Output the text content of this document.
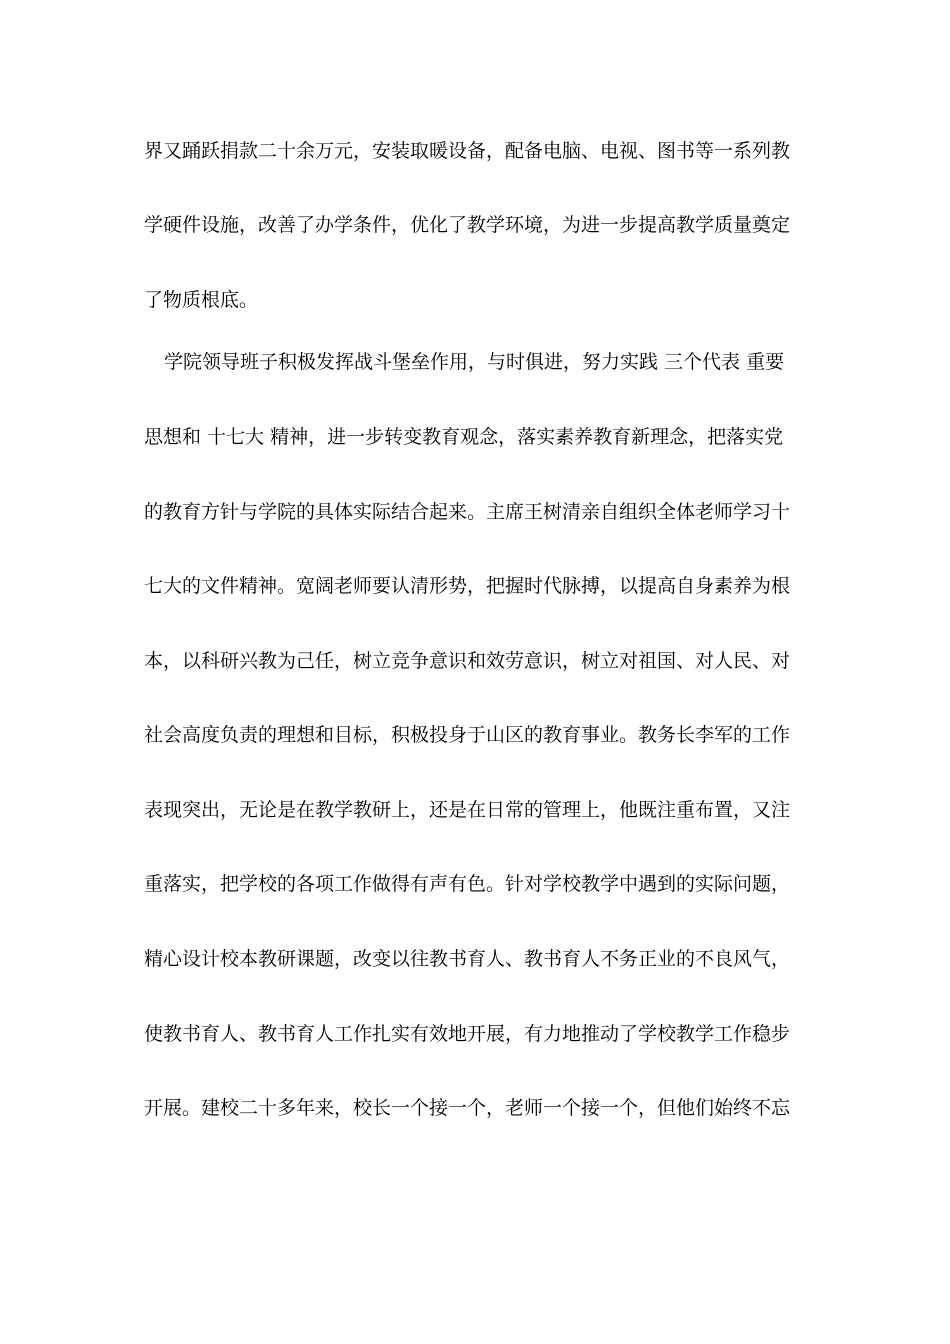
界又踊跃捐款二十余万元，安装取暖设备，配备电脑、电视、图书等一系列教
学硬件设施，改善了办学条件，优化了教学环境，为进一步提高教学质量奠定
了物质根底。
学院领导班子积极发挥战斗堡垒作用，与时俱进，努力实践 三个代表 重要
思想和 十七大 精神，进一步转变教育观念，落实素养教育新理念，把落实党
的教育方针与学院的具体实际结合起来。主席王树清亲自组织全体老师学习十
七大的文件精神。宽阔老师要认清形势，把握时代脉搏，以提高自身素养为根
本，以科研兴教为己任，树立竞争意识和效劳意识，树立对祖国、对人民、对
社会高度负责的理想和目标，积极投身于山区的教育事业。教务长李军的工作
表现突出，无论是在教学教研上，还是在日常的管理上，他既注重布置，又注
重落实，把学校的各项工作做得有声有色。针对学校教学中遇到的实际问题，
精心设计校本教研课题，改变以往教书育人、教书育人不务正业的不良风气，
使教书育人、教书育人工作扎实有效地开展，有力地推动了学校教学工作稳步
开展。建校二十多年来，校长一个接一个，老师一个接一个，但他们始终不忘
